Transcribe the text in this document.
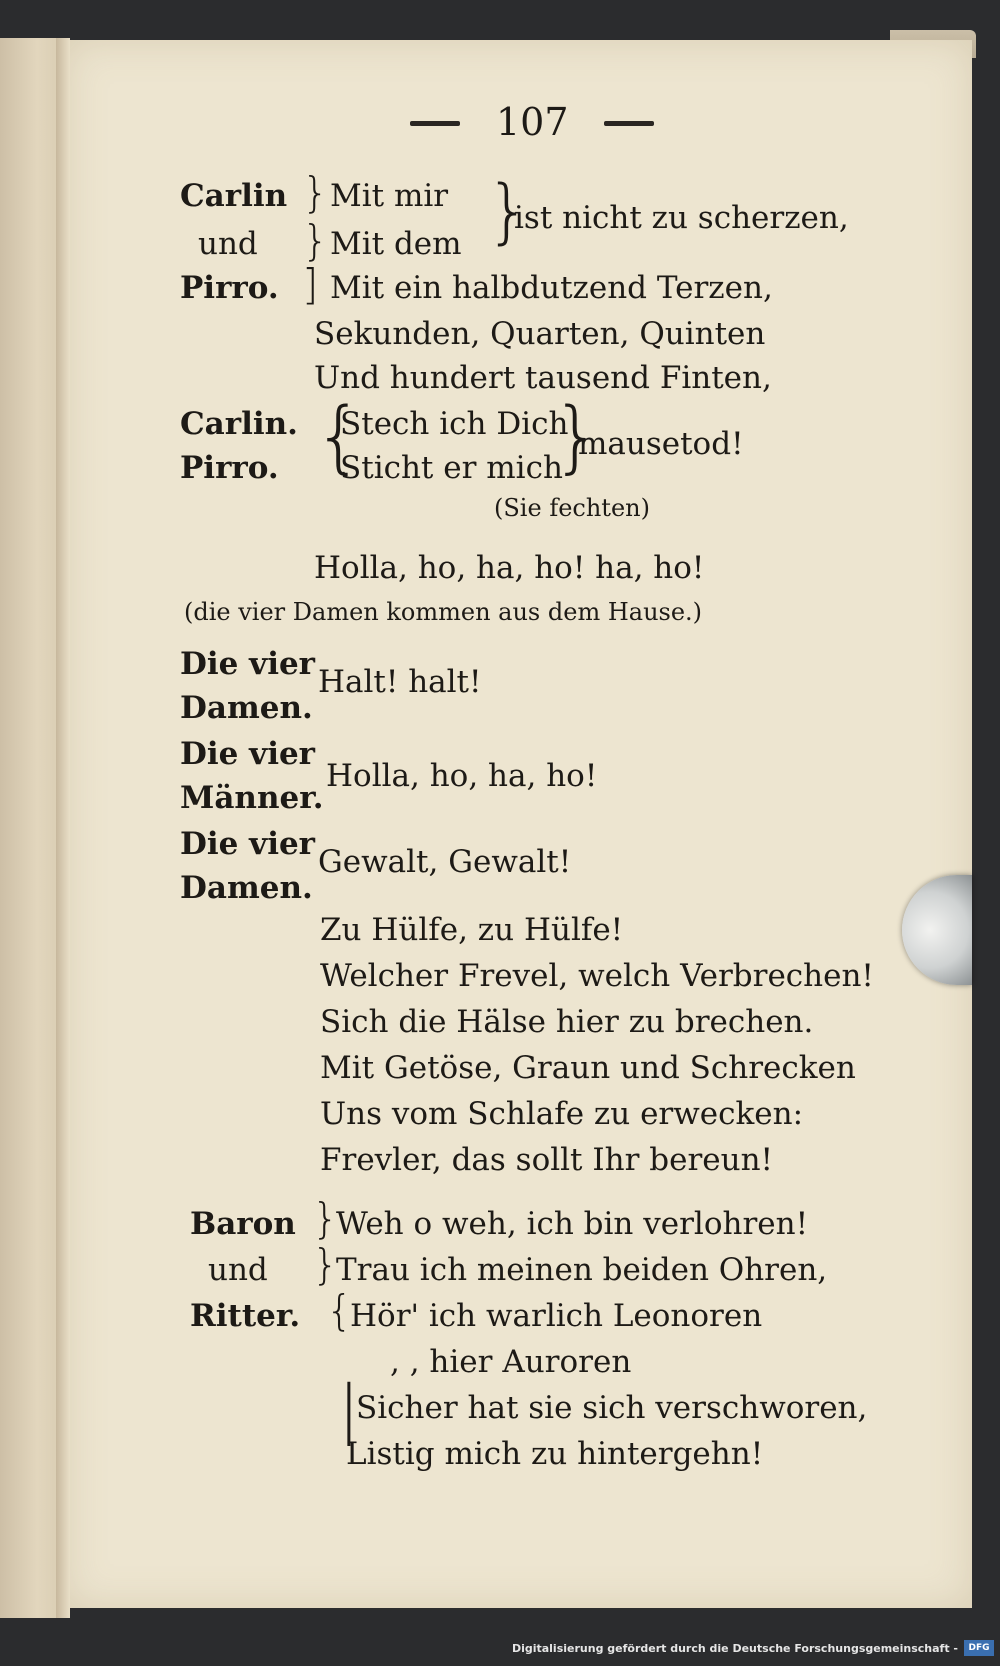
107
Carlin } Mit mir }
ist nicht zu scherzen,
und } Mit dem
Pirro. ] Mit ein halbdutzend Terzen,
Sekunden, Quarten, Quinten
Und hundert tausend Finten,
Carlin. {
Stech ich Dich
}
mausetod!
Pirro. Sticht er mich
(Sie fechten)
Holla, ho, ha, ho! ha, ho!
(die vier Damen kommen aus dem Hause.)
Die vier
Damen.
Halt! halt!
Die vier
Männer.
Holla, ho, ha, ho!
Die vier
Damen.
Gewalt, Gewalt!
Zu Hülfe, zu Hülfe!
Welcher Frevel, welch Verbrechen!
Sich die Hälse hier zu brechen.
Mit Getöse, Graun und Schrecken
Uns vom Schlafe zu erwecken:
Frevler, das sollt Ihr bereun!
Baron }
Weh o weh, ich bin verlohren!
und }
Trau ich meinen beiden Ohren,
Ritter. {
Hör' ich warlich Leonoren
, , hier Auroren
|
Sicher hat sie sich verschworen,
Listig mich zu hintergehn!
Digitalisierung gefördert durch die Deutsche Forschungsgemeinschaft -	DFG
